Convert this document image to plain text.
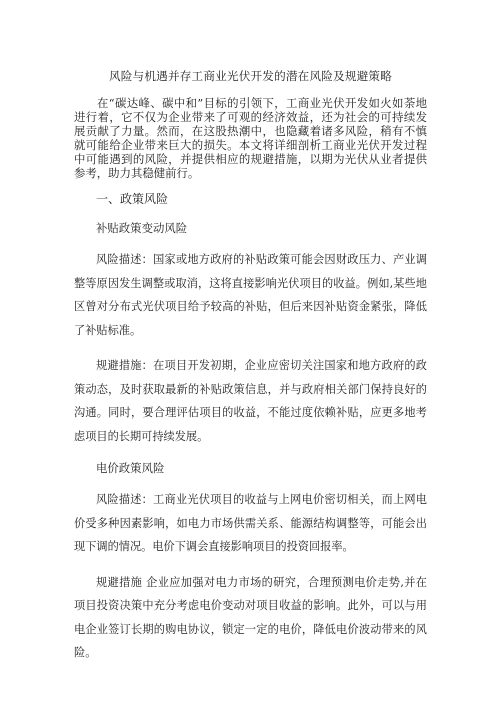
风险与机遇并存工商业光伏开发的潜在风险及规避策略

在“碳达峰、碳中和”目标的引领下，工商业光伏开发如火如荼地进行着，它不仅为企业带来了可观的经济效益，还为社会的可持续发展贡献了力量。然而，在这股热潮中，也隐藏着诸多风险，稍有不慎就可能给企业带来巨大的损失。本文将详细剖析工商业光伏开发过程中可能遇到的风险，并提供相应的规避措施，以期为光伏从业者提供参考，助力其稳健前行。

一、政策风险
补贴政策变动风险

风险描述：国家或地方政府的补贴政策可能会因财政压力、产业调整等原因发生调整或取消，这将直接影响光伏项目的收益。例如,某些地区曾对分布式光伏项目给予较高的补贴，但后来因补贴资金紧张，降低了补贴标准。

规避措施：在项目开发初期，企业应密切关注国家和地方政府的政策动态，及时获取最新的补贴政策信息，并与政府相关部门保持良好的沟通。同时，要合理评估项目的收益，不能过度依赖补贴，应更多地考虑项目的长期可持续发展。

电价政策风险

风险描述：工商业光伏项目的收益与上网电价密切相关，而上网电价受多种因素影响，如电力市场供需关系、能源结构调整等，可能会出现下调的情况。电价下调会直接影响项目的投资回报率。

规避措施 企业应加强对电力市场的研究，合理预测电价走势,并在项目投资决策中充分考虑电价变动对项目收益的影响。此外，可以与用电企业签订长期的购电协议，锁定一定的电价，降低电价波动带来的风险。
